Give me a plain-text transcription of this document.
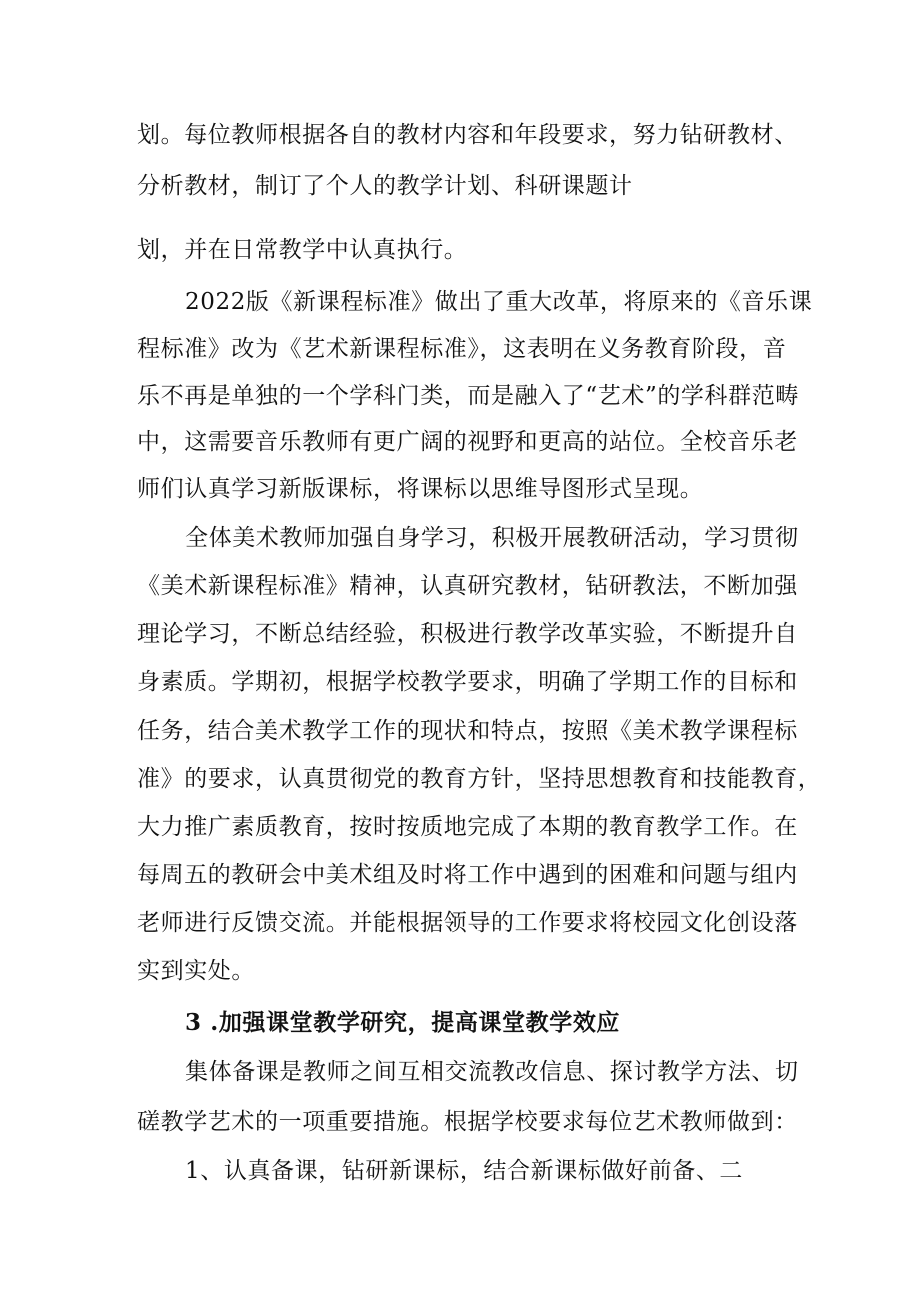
划。每位教师根据各自的教材内容和年段要求，努力钻研教材、

分析教材，制订了个人的教学计划、科研课题计

划，并在日常教学中认真执行。

2022版《新课程标准》做出了重大改革，将原来的《音乐课

程标准》改为《艺术新课程标准》，这表明在义务教育阶段，音

乐不再是单独的一个学科门类，而是融入了“艺术”的学科群范畴

中，这需要音乐教师有更广阔的视野和更高的站位。全校音乐老

师们认真学习新版课标，将课标以思维导图形式呈现。

全体美术教师加强自身学习，积极开展教研活动，学习贯彻

《美术新课程标准》精神，认真研究教材，钻研教法，不断加强

理论学习，不断总结经验，积极进行教学改革实验，不断提升自

身素质。学期初，根据学校教学要求，明确了学期工作的目标和

任务，结合美术教学工作的现状和特点，按照《美术教学课程标

准》的要求，认真贯彻党的教育方针，坚持思想教育和技能教育，

大力推广素质教育，按时按质地完成了本期的教育教学工作。在

每周五的教研会中美术组及时将工作中遇到的困难和问题与组内

老师进行反馈交流。并能根据领导的工作要求将校园文化创设落

实到实处。

3 .加强课堂教学研究，提高课堂教学效应

集体备课是教师之间互相交流教改信息、探讨教学方法、切

磋教学艺术的一项重要措施。根据学校要求每位艺术教师做到：

1、认真备课，钻研新课标，结合新课标做好前备、二
